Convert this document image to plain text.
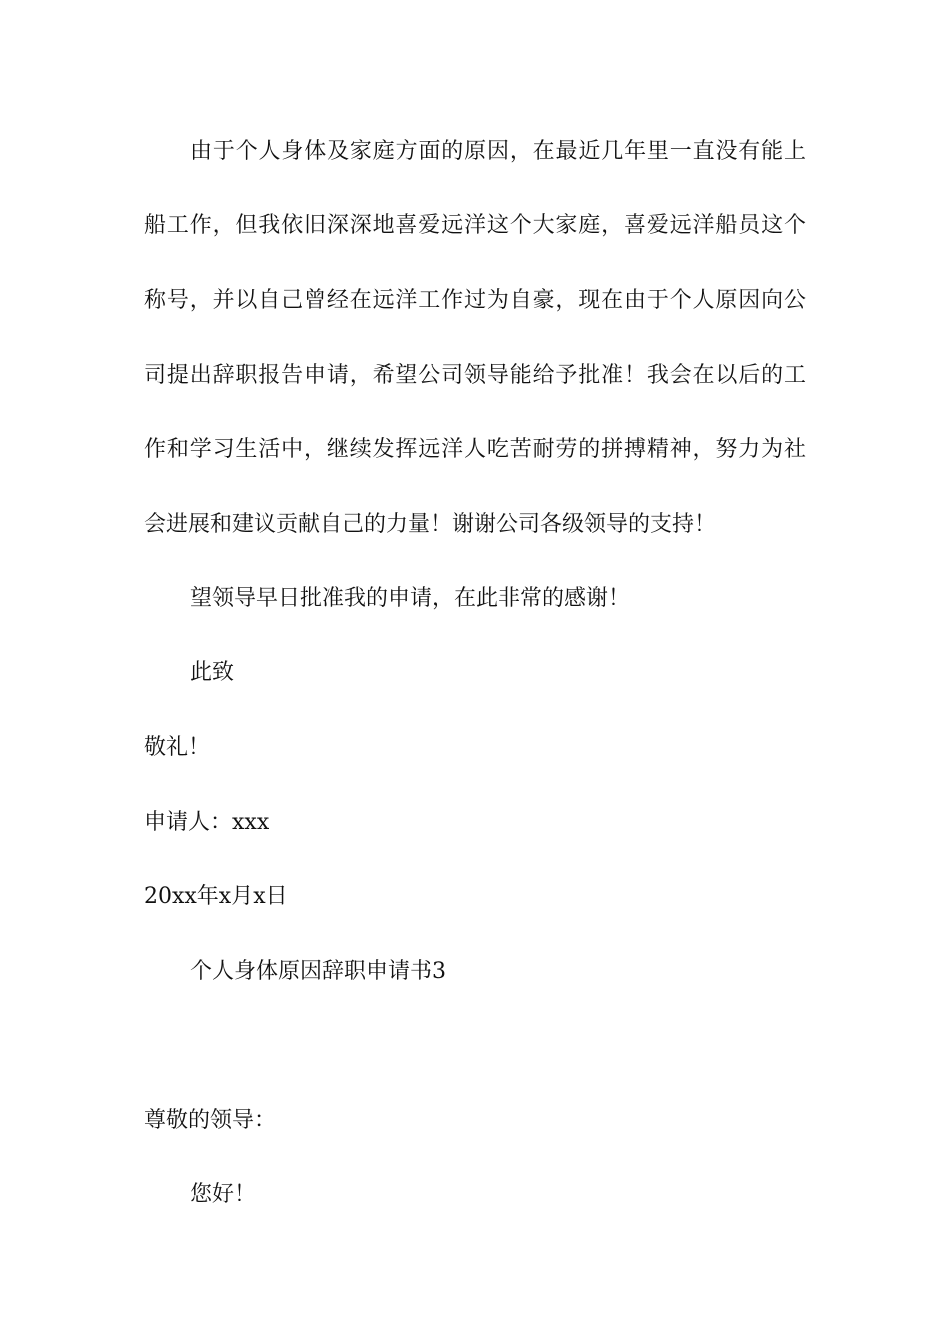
由于个人身体及家庭方面的原因，在最近几年里一直没有能上
船工作，但我依旧深深地喜爱远洋这个大家庭，喜爱远洋船员这个
称号，并以自己曾经在远洋工作过为自豪，现在由于个人原因向公
司提出辞职报告申请，希望公司领导能给予批准！我会在以后的工
作和学习生活中，继续发挥远洋人吃苦耐劳的拼搏精神，努力为社
会进展和建议贡献自己的力量！谢谢公司各级领导的支持！
望领导早日批准我的申请，在此非常的感谢！
此致
敬礼！
申请人：xxx
20xx年x月x日
个人身体原因辞职申请书3
尊敬的领导：
您好！
